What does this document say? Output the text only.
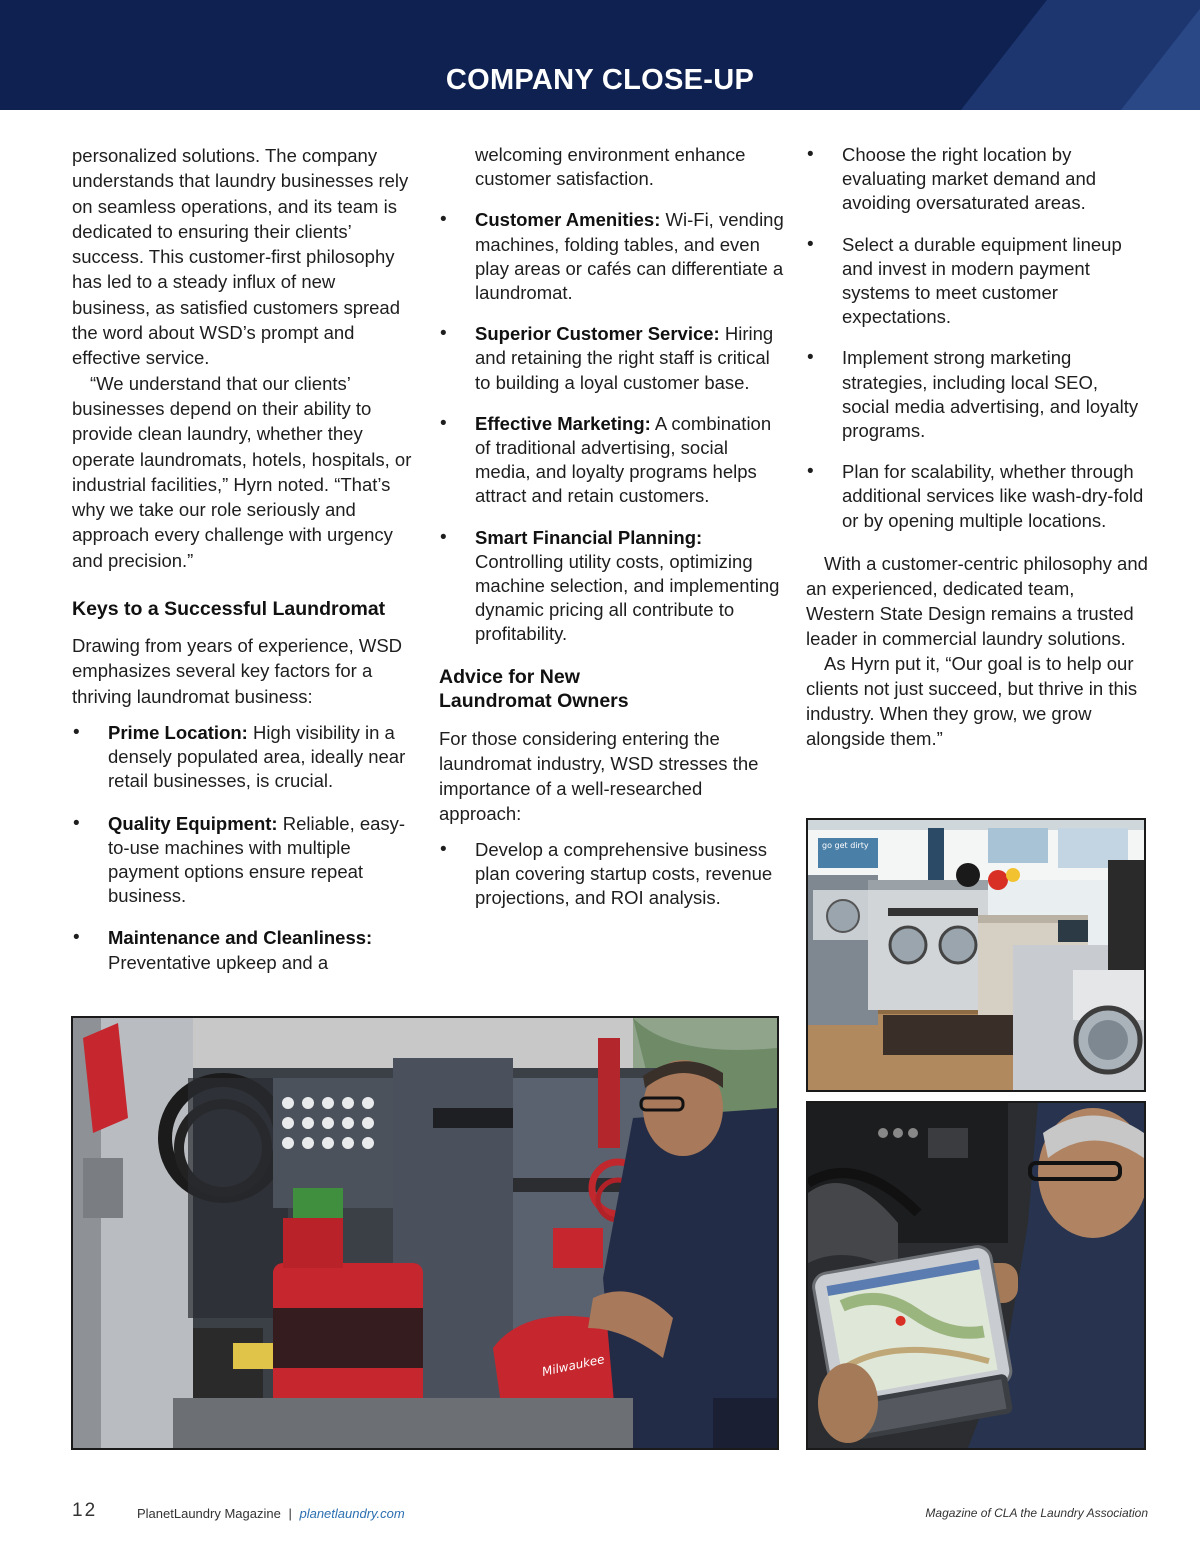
COMPANY CLOSE-UP

personalized solutions. The company understands that laundry businesses rely on seamless operations, and its team is dedicated to ensuring their clients’ success. This customer-first philosophy has led to a steady influx of new business, as satisfied customers spread the word about WSD’s prompt and effective service.

“We understand that our clients’ businesses depend on their ability to provide clean laundry, whether they operate laundromats, hotels, hospitals, or industrial facilities,” Hyrn noted. “That’s why we take our role seriously and approach every challenge with urgency and precision.”

Keys to a Successful Laundromat

Drawing from years of experience, WSD emphasizes several key factors for a thriving laundromat business:

• Prime Location: High visibility in a densely populated area, ideally near retail businesses, is crucial.
• Quality Equipment: Reliable, easy-to-use machines with multiple payment options ensure repeat business.
• Maintenance and Cleanliness: Preventative upkeep and a

welcoming environment enhance customer satisfaction.

• Customer Amenities: Wi-Fi, vending machines, folding tables, and even play areas or cafés can differentiate a laundromat.
• Superior Customer Service: Hiring and retaining the right staff is critical to building a loyal customer base.
• Effective Marketing: A combination of traditional advertising, social media, and loyalty programs helps attract and retain customers.
• Smart Financial Planning: Controlling utility costs, optimizing machine selection, and implementing dynamic pricing all contribute to profitability.
Advice for New
Laundromat Owners

For those considering entering the laundromat industry, WSD stresses the importance of a well-researched approach:

• Develop a comprehensive business plan covering startup costs, revenue projections, and ROI analysis.
• Choose the right location by evaluating market demand and avoiding oversaturated areas.
• Select a durable equipment lineup and invest in modern payment systems to meet customer expectations.
• Implement strong marketing strategies, including local SEO, social media advertising, and loyalty programs.
• Plan for scalability, whether through additional services like wash-dry-fold or by opening multiple locations.

With a customer-centric philosophy and an experienced, dedicated team, Western State Design remains a trusted leader in commercial laundry solutions.

As Hyrn put it, “Our goal is to help our clients not just succeed, but thrive in this industry. When they grow, we grow alongside them.”

go get dirty
Milwaukee
12	PlanetLaundry Magazine | planetlaundry.com	Magazine of CLA the Laundry Association
